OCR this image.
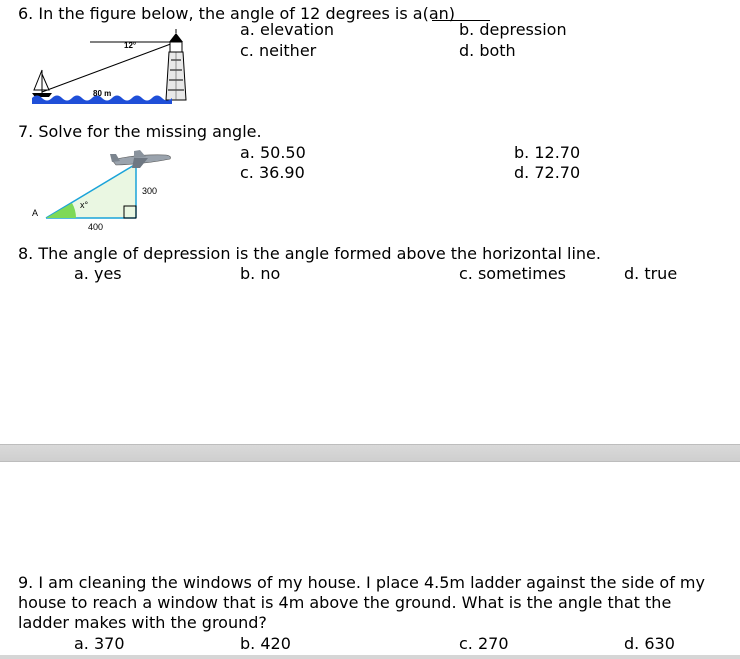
6. In the figure below, the angle of 12 degrees is a(an)
a. elevation	b. depression
c. neither	d. both
12°
80 m
7. Solve for the missing angle.
a. 50.50	b. 12.70
c. 36.90	d. 72.70
A
x°
300
400
8. The angle of depression is the angle formed above the horizontal line.
a. yes	b. no	c. sometimes	d. true
9. I am cleaning the windows of my house. I place 4.5m ladder against the side of my house to reach a window that is 4m above the ground. What is the angle that the ladder makes with the ground?
a. 370	b. 420	c. 270	d. 630
